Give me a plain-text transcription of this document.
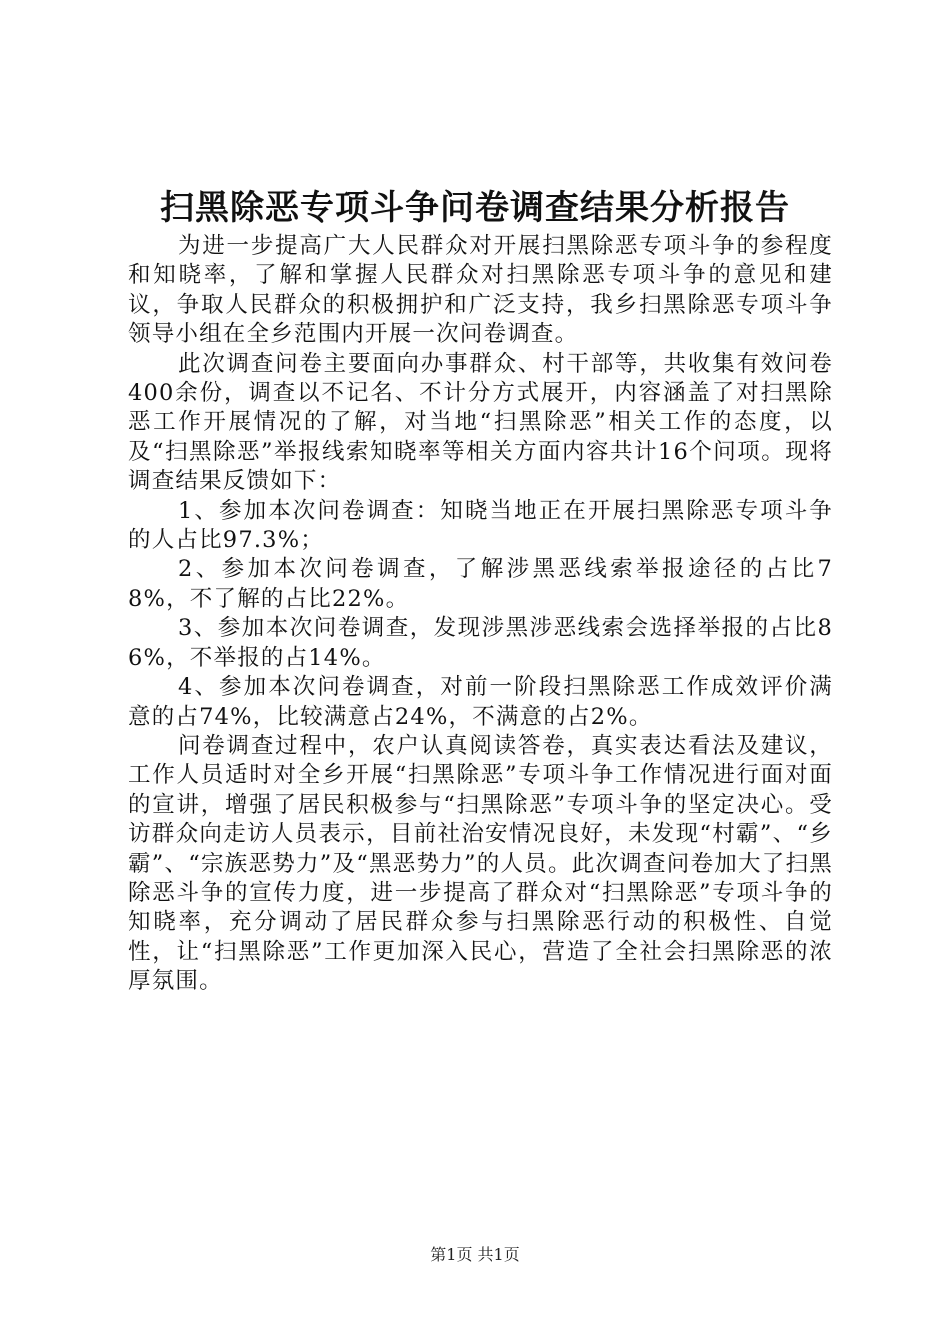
扫黑除恶专项斗争问卷调查结果分析报告

为进一步提高广大人民群众对开展扫黑除恶专项斗争的参程度和知晓率，了解和掌握人民群众对扫黑除恶专项斗争的意见和建议，争取人民群众的积极拥护和广泛支持，我乡扫黑除恶专项斗争领导小组在全乡范围内开展一次问卷调查。

此次调查问卷主要面向办事群众、村干部等，共收集有效问卷400余份，调查以不记名、不计分方式展开，内容涵盖了对扫黑除恶工作开展情况的了解，对当地“扫黑除恶”相关工作的态度，以及“扫黑除恶”举报线索知晓率等相关方面内容共计16个问项。现将调查结果反馈如下：

1、参加本次问卷调查：知晓当地正在开展扫黑除恶专项斗争的人占比97.3%；

2、参加本次问卷调查，了解涉黑恶线索举报途径的占比78%，不了解的占比22%。

3、参加本次问卷调查，发现涉黑涉恶线索会选择举报的占比86%，不举报的占14%。

4、参加本次问卷调查，对前一阶段扫黑除恶工作成效评价满意的占74%，比较满意占24%，不满意的占2%。

问卷调查过程中，农户认真阅读答卷，真实表达看法及建议，工作人员适时对全乡开展“扫黑除恶”专项斗争工作情况进行面对面的宣讲，增强了居民积极参与“扫黑除恶”专项斗争的坚定决心。受访群众向走访人员表示，目前社治安情况良好，未发现“村霸”、“乡霸”、“宗族恶势力”及“黑恶势力”的人员。此次调查问卷加大了扫黑除恶斗争的宣传力度，进一步提高了群众对“扫黑除恶”专项斗争的知晓率，充分调动了居民群众参与扫黑除恶行动的积极性、自觉性，让“扫黑除恶”工作更加深入民心，营造了全社会扫黑除恶的浓厚氛围。

第1页 共1页
